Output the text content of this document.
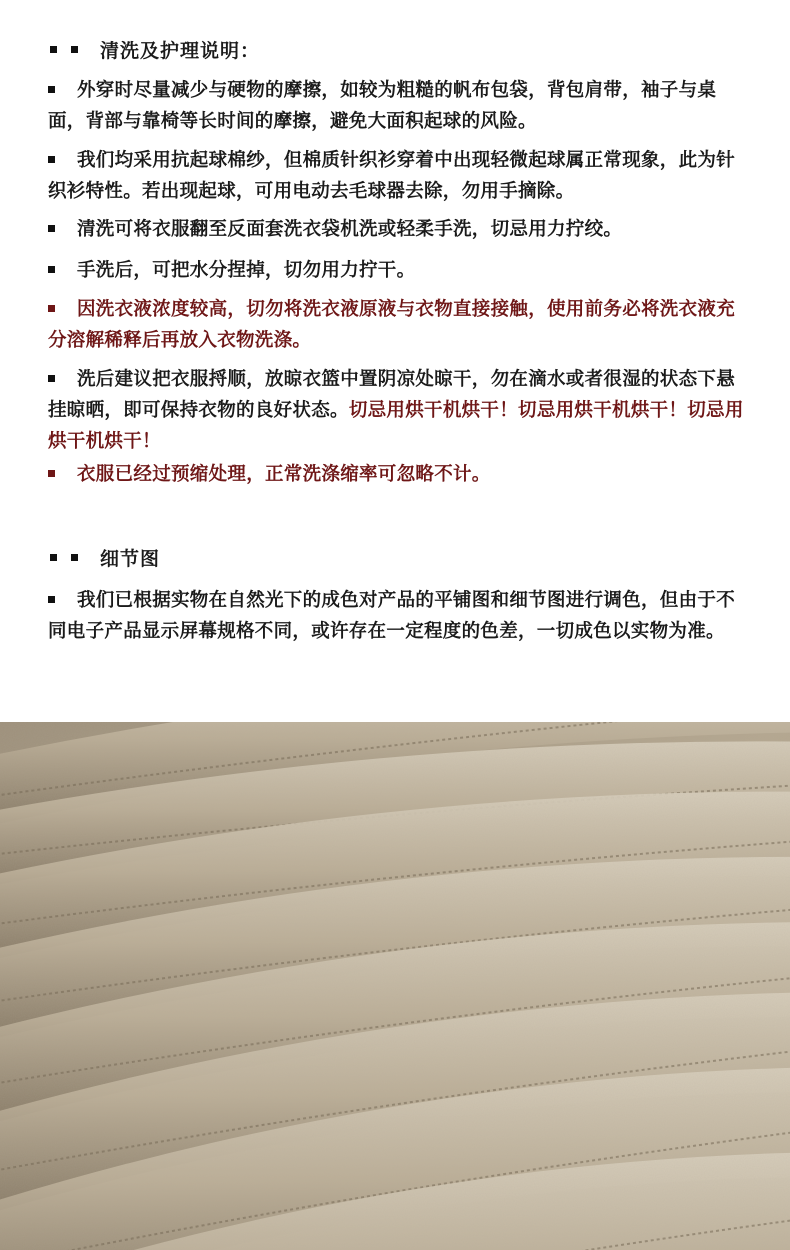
清洗及护理说明：
外穿时尽量减少与硬物的摩擦，如较为粗糙的帆布包袋，背包肩带，袖子与桌面，背部与靠椅等长时间的摩擦，避免大面积起球的风险。
我们均采用抗起球棉纱，但棉质针织衫穿着中出现轻微起球属正常现象，此为针织衫特性。若出现起球，可用电动去毛球器去除，勿用手摘除。
清洗可将衣服翻至反面套洗衣袋机洗或轻柔手洗，切忌用力拧绞。
手洗后，可把水分捏掉，切勿用力拧干。
因洗衣液浓度较高，切勿将洗衣液原液与衣物直接接触，使用前务必将洗衣液充分溶解稀释后再放入衣物洗涤。
洗后建议把衣服捋顺，放晾衣篮中置阴凉处晾干，勿在滴水或者很湿的状态下悬挂晾晒，即可保持衣物的良好状态。切忌用烘干机烘干！切忌用烘干机烘干！切忌用烘干机烘干！
衣服已经过预缩处理，正常洗涤缩率可忽略不计。
细节图
我们已根据实物在自然光下的成色对产品的平铺图和细节图进行调色，但由于不同电子产品显示屏幕规格不同，或许存在一定程度的色差，一切成色以实物为准。
